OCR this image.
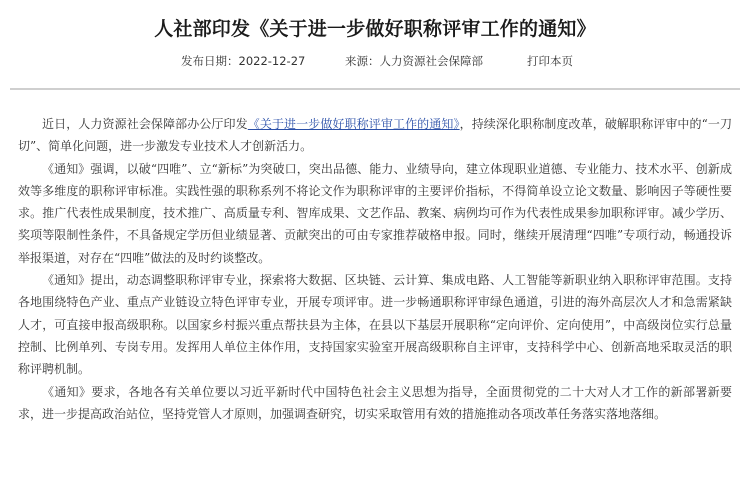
人社部印发《关于进一步做好职称评审工作的通知》
发布日期：2022-12-27	来源：人力资源社会保障部	打印本页

近日，人力资源社会保障部办公厅印发《关于进一步做好职称评审工作的通知》，持续深化职称制度改革，破解职称评审中的“一刀切”、简单化问题，进一步激发专业技术人才创新活力。

《通知》强调，以破“四唯”、立“新标”为突破口，突出品德、能力、业绩导向，建立体现职业道德、专业能力、技术水平、创新成效等多维度的职称评审标准。实践性强的职称系列不将论文作为职称评审的主要评价指标，不得简单设立论文数量、影响因子等硬性要求。推广代表性成果制度，技术推广、高质量专利、智库成果、文艺作品、教案、病例均可作为代表性成果参加职称评审。减少学历、奖项等限制性条件，不具备规定学历但业绩显著、贡献突出的可由专家推荐破格申报。同时，继续开展清理“四唯”专项行动，畅通投诉举报渠道，对存在“四唯”做法的及时约谈整改。

《通知》提出，动态调整职称评审专业，探索将大数据、区块链、云计算、集成电路、人工智能等新职业纳入职称评审范围。支持各地围绕特色产业、重点产业链设立特色评审专业，开展专项评审。进一步畅通职称评审绿色通道，引进的海外高层次人才和急需紧缺人才，可直接申报高级职称。以国家乡村振兴重点帮扶县为主体，在县以下基层开展职称“定向评价、定向使用”，中高级岗位实行总量控制、比例单列、专岗专用。发挥用人单位主体作用，支持国家实验室开展高级职称自主评审，支持科学中心、创新高地采取灵活的职称评聘机制。

《通知》要求，各地各有关单位要以习近平新时代中国特色社会主义思想为指导，全面贯彻党的二十大对人才工作的新部署新要求，进一步提高政治站位，坚持党管人才原则，加强调查研究，切实采取管用有效的措施推动各项改革任务落实落地落细。
